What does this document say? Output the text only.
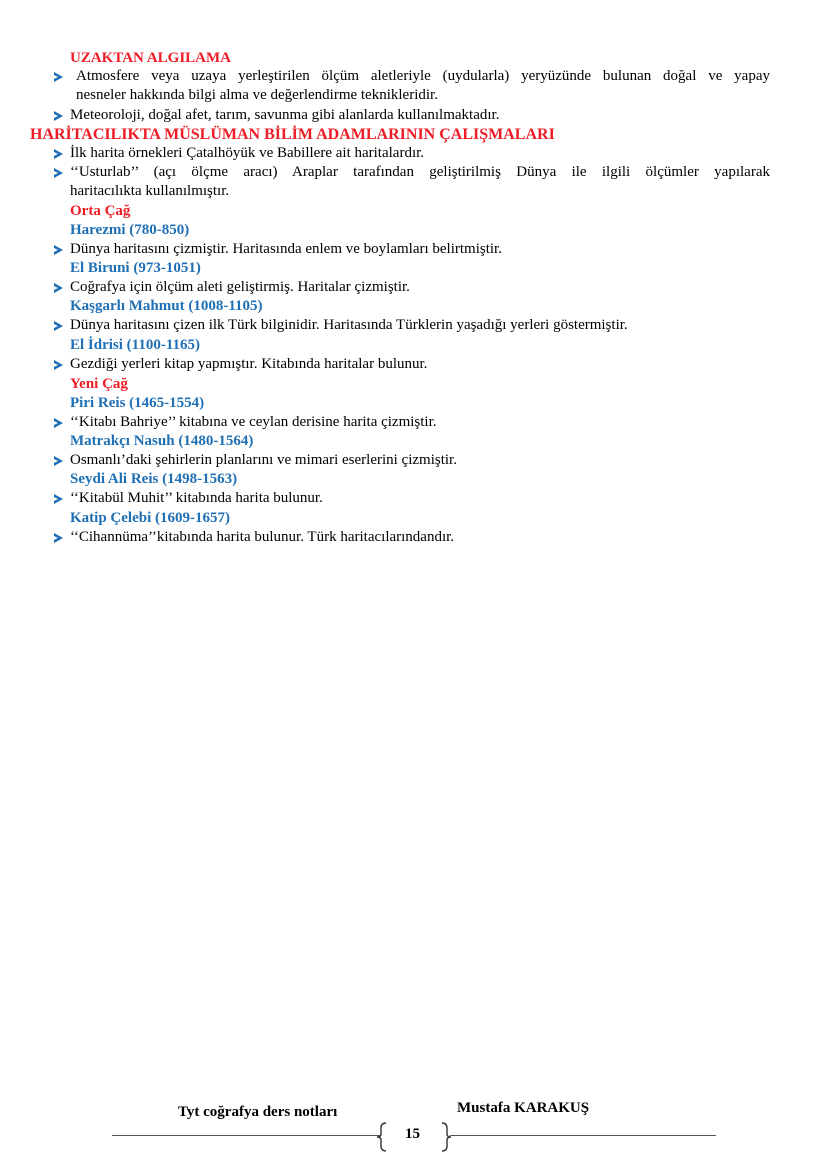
UZAKTAN ALGILAMA
Atmosfere veya uzaya yerleştirilen ölçüm aletleriyle (uydularla) yeryüzünde bulunan doğal ve yapay
nesneler hakkında bilgi alma ve değerlendirme teknikleridir.
Meteoroloji, doğal afet, tarım, savunma gibi alanlarda kullanılmaktadır.
HARİTACILIKTA MÜSLÜMAN BİLİM ADAMLARININ ÇALIŞMALARI
İlk harita örnekleri Çatalhöyük ve Babillere ait haritalardır.
‘‘Usturlab’’ (açı ölçme aracı) Araplar tarafından geliştirilmiş Dünya ile ilgili ölçümler yapılarak
haritacılıkta kullanılmıştır.
Orta Çağ
Harezmi (780-850)
Dünya haritasını çizmiştir. Haritasında enlem ve boylamları belirtmiştir.
El Biruni (973-1051)
Coğrafya için ölçüm aleti geliştirmiş. Haritalar çizmiştir.
Kaşgarlı Mahmut (1008-1105)
Dünya haritasını çizen ilk Türk bilginidir. Haritasında Türklerin yaşadığı yerleri göstermiştir.
El İdrisi (1100-1165)
Gezdiği yerleri kitap yapmıştır. Kitabında haritalar bulunur.
Yeni Çağ
Piri Reis (1465-1554)
‘‘Kitabı Bahriye’’ kitabına ve ceylan derisine harita çizmiştir.
Matrakçı Nasuh (1480-1564)
Osmanlı’daki şehirlerin planlarını ve mimari eserlerini çizmiştir.
Seydi Ali Reis (1498-1563)
‘‘Kitabül Muhit’’ kitabında harita bulunur.
Katip Çelebi (1609-1657)
‘‘Cihannüma’’kitabında harita bulunur. Türk haritacılarındandır.
Tyt coğrafya ders notları	Mustafa KARAKUŞ
15
